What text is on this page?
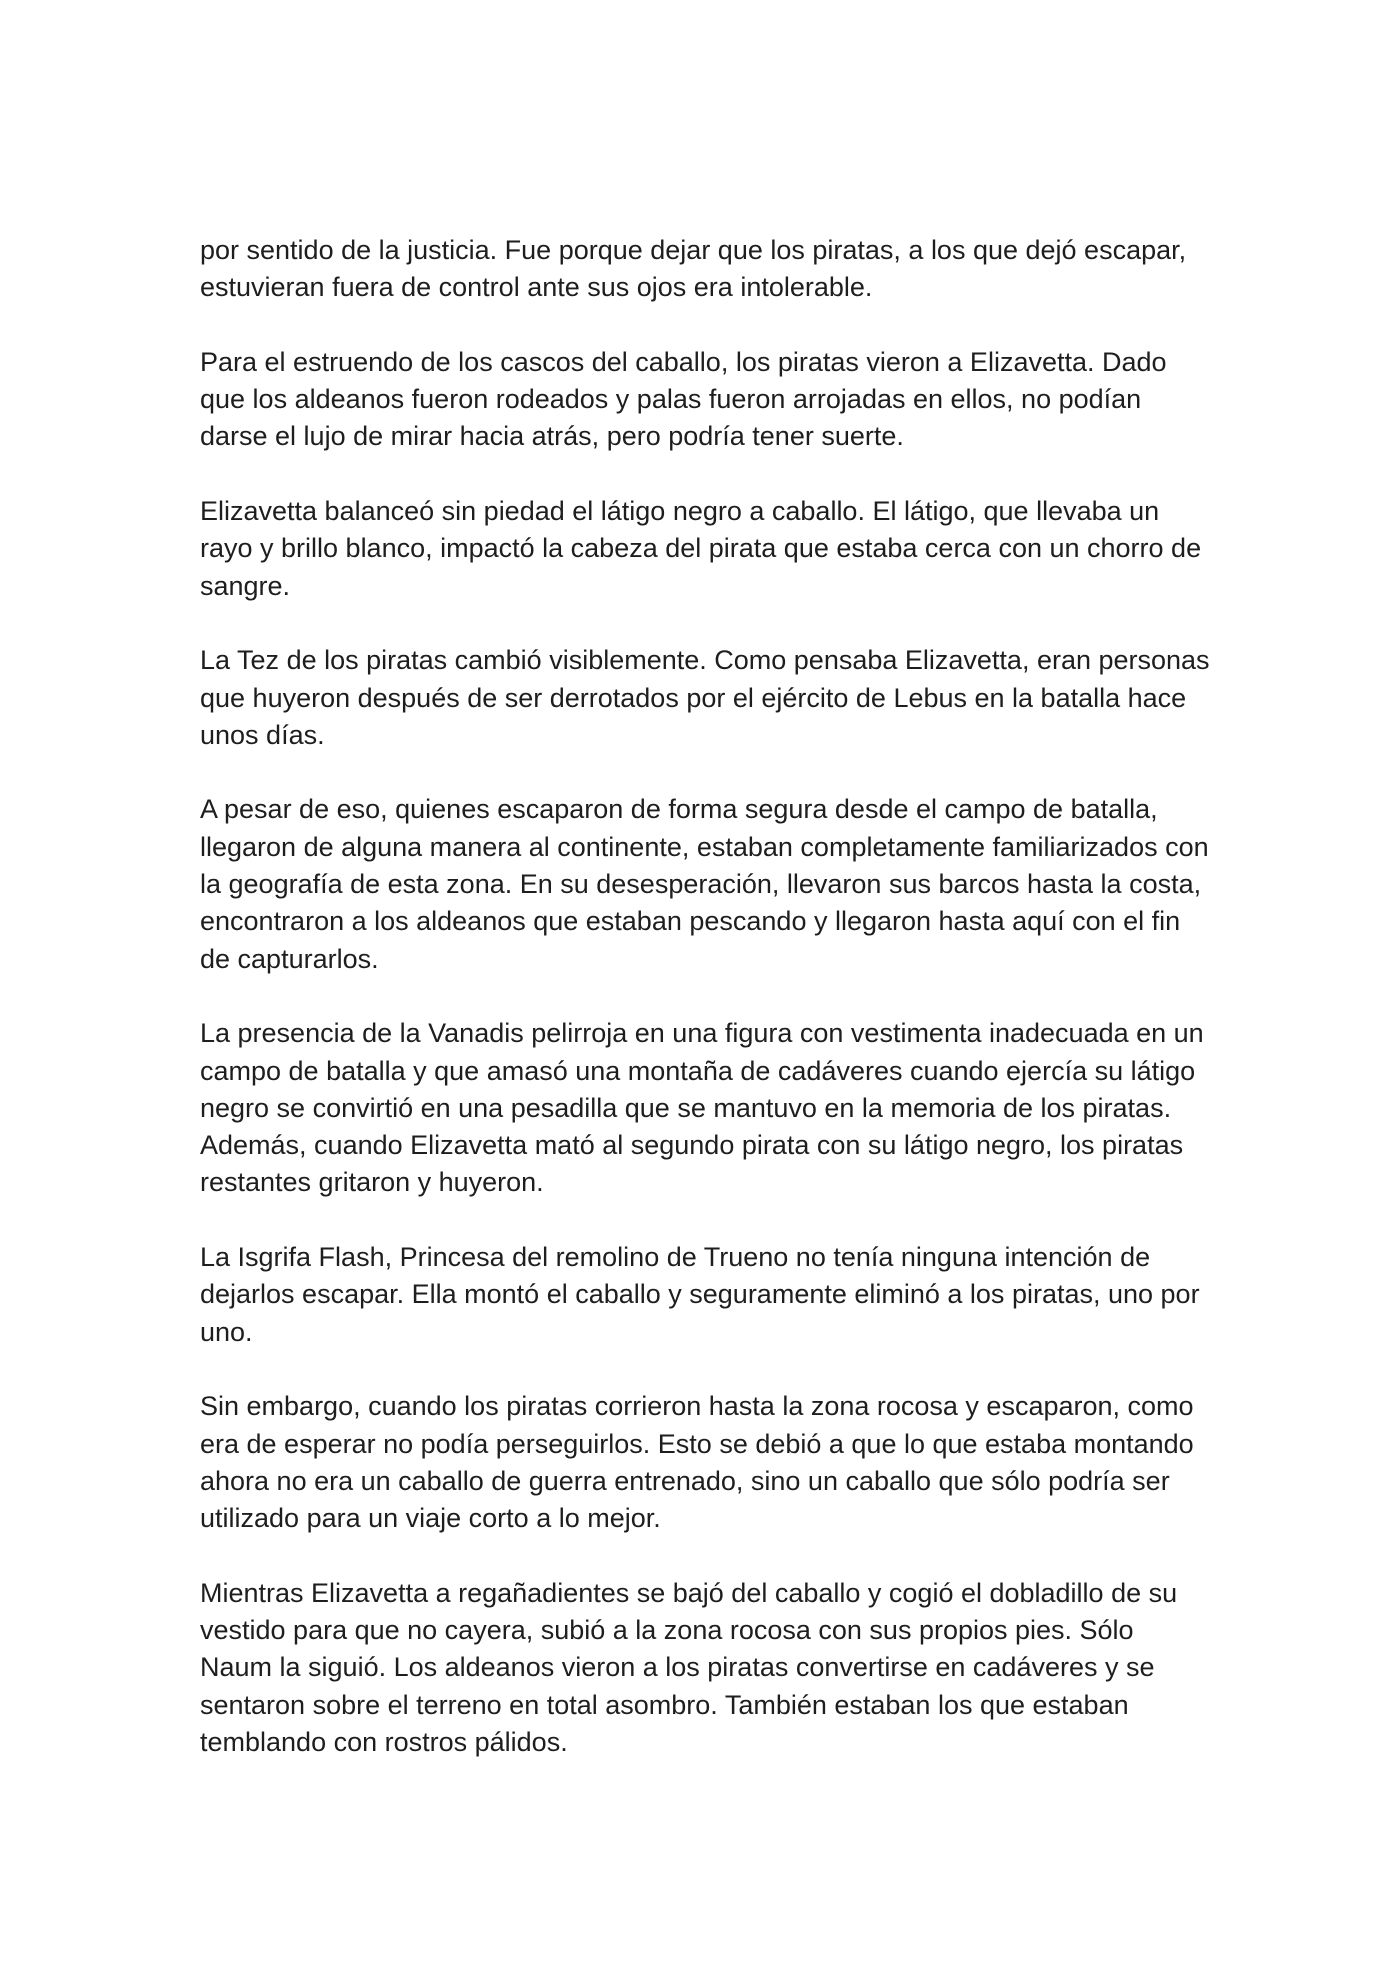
por sentido de la justicia. Fue porque dejar que los piratas, a los que dejó escapar, estuvieran fuera de control ante sus ojos era intolerable.

Para el estruendo de los cascos del caballo, los piratas vieron a Elizavetta. Dado que los aldeanos fueron rodeados y palas fueron arrojadas en ellos, no podían darse el lujo de mirar hacia atrás, pero podría tener suerte.

Elizavetta balanceó sin piedad el látigo negro a caballo. El látigo, que llevaba un rayo y brillo blanco, impactó la cabeza del pirata que estaba cerca con un chorro de sangre.

La Tez de los piratas cambió visiblemente. Como pensaba Elizavetta, eran personas que huyeron después de ser derrotados por el ejército de Lebus en la batalla hace unos días.

A pesar de eso, quienes escaparon de forma segura desde el campo de batalla, llegaron de alguna manera al continente, estaban completamente familiarizados con la geografía de esta zona. En su desesperación, llevaron sus barcos hasta la costa, encontraron a los aldeanos que estaban pescando y llegaron hasta aquí con el fin de capturarlos.

La presencia de la Vanadis pelirroja en una figura con vestimenta inadecuada en un campo de batalla y que amasó una montaña de cadáveres cuando ejercía su látigo negro se convirtió en una pesadilla que se mantuvo en la memoria de los piratas. Además, cuando Elizavetta mató al segundo pirata con su látigo negro, los piratas restantes gritaron y huyeron.

La Isgrifa Flash, Princesa del remolino de Trueno no tenía ninguna intención de dejarlos escapar. Ella montó el caballo y seguramente eliminó a los piratas, uno por uno.

Sin embargo, cuando los piratas corrieron hasta la zona rocosa y escaparon, como era de esperar no podía perseguirlos. Esto se debió a que lo que estaba montando ahora no era un caballo de guerra entrenado, sino un caballo que sólo podría ser utilizado para un viaje corto a lo mejor.

Mientras Elizavetta a regañadientes se bajó del caballo y cogió el dobladillo de su vestido para que no cayera, subió a la zona rocosa con sus propios pies. Sólo Naum la siguió. Los aldeanos vieron a los piratas convertirse en cadáveres y se sentaron sobre el terreno en total asombro. También estaban los que estaban temblando con rostros pálidos.
